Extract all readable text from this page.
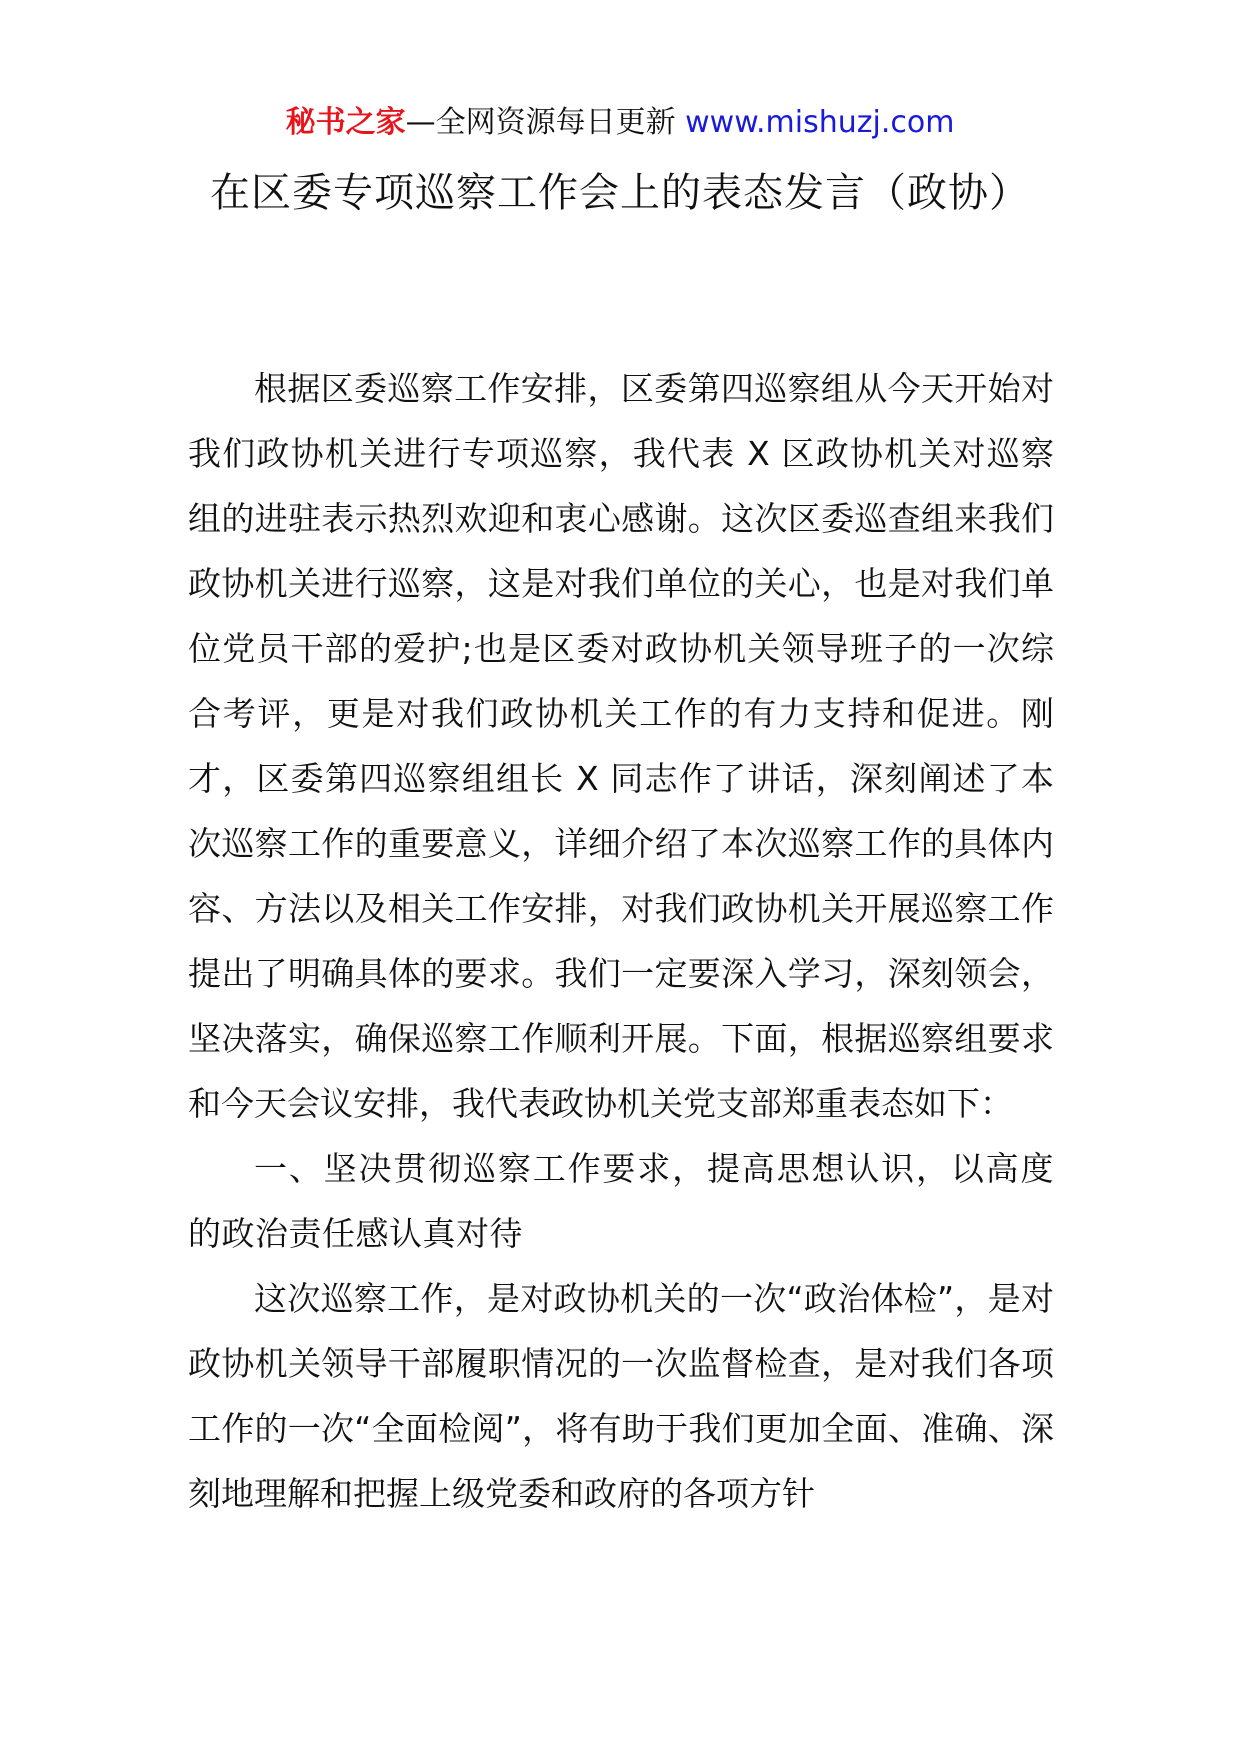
秘书之家—全网资源每日更新 www.mishuzj.com
在区委专项巡察工作会上的表态发言（政协）

根据区委巡察工作安排，区委第四巡察组从今天开始对我们政协机关进行专项巡察，我代表 X 区政协机关对巡察组的进驻表示热烈欢迎和衷心感谢。这次区委巡查组来我们政协机关进行巡察，这是对我们单位的关心，也是对我们单位党员干部的爱护;也是区委对政协机关领导班子的一次综合考评，更是对我们政协机关工作的有力支持和促进。刚才，区委第四巡察组组长 X 同志作了讲话，深刻阐述了本次巡察工作的重要意义，详细介绍了本次巡察工作的具体内容、方法以及相关工作安排，对我们政协机关开展巡察工作提出了明确具体的要求。我们一定要深入学习，深刻领会，坚决落实，确保巡察工作顺利开展。下面，根据巡察组要求和今天会议安排，我代表政协机关党支部郑重表态如下：

一、坚决贯彻巡察工作要求，提高思想认识，以高度的政治责任感认真对待

这次巡察工作，是对政协机关的一次“政治体检”，是对政协机关领导干部履职情况的一次监督检查，是对我们各项工作的一次“全面检阅”，将有助于我们更加全面、准确、深刻地理解和把握上级党委和政府的各项方针
